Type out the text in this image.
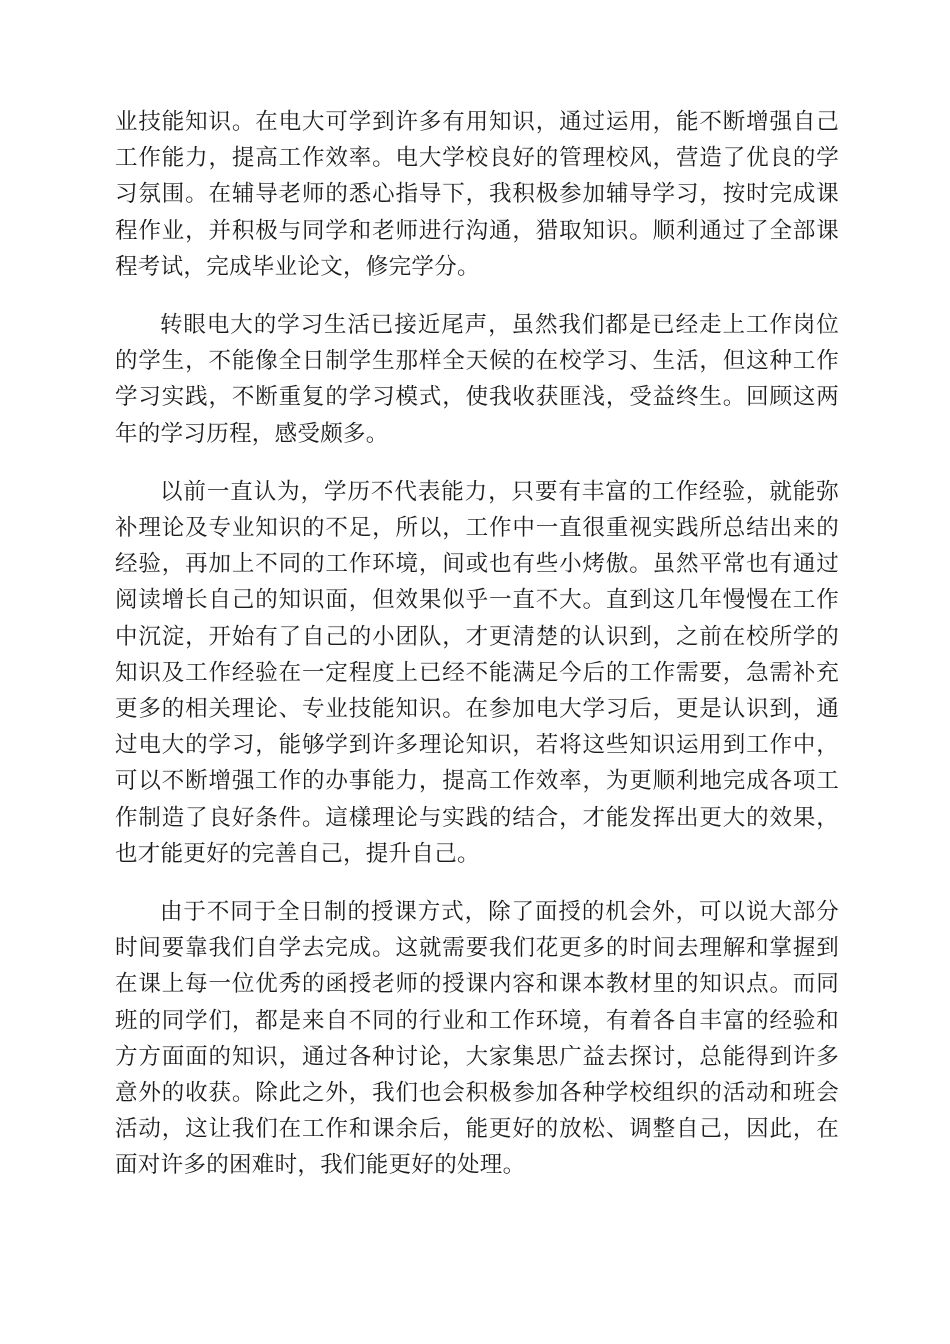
业技能知识。在电大可学到许多有用知识，通过运用，能不断增强自己工作能力，提高工作效率。电大学校良好的管理校风，营造了优良的学习氛围。在辅导老师的悉心指导下，我积极参加辅导学习，按时完成课程作业，并积极与同学和老师进行沟通，猎取知识。顺利通过了全部课程考试，完成毕业论文，修完学分。

转眼电大的学习生活已接近尾声，虽然我们都是已经走上工作岗位的学生，不能像全日制学生那样全天候的在校学习、生活，但这种工作学习实践，不断重复的学习模式，使我收获匪浅，受益终生。回顾这两年的学习历程，感受颇多。

以前一直认为，学历不代表能力，只要有丰富的工作经验，就能弥补理论及专业知识的不足，所以，工作中一直很重视实践所总结出来的经验，再加上不同的工作环境，间或也有些小烤傲。虽然平常也有通过阅读增长自己的知识面，但效果似乎一直不大。直到这几年慢慢在工作中沉淀，开始有了自己的小团队，才更清楚的认识到，之前在校所学的知识及工作经验在一定程度上已经不能满足今后的工作需要，急需补充更多的相关理论、专业技能知识。在参加电大学习后，更是认识到，通过电大的学习，能够学到许多理论知识，若将这些知识运用到工作中，可以不断增强工作的办事能力，提高工作效率，为更顺利地完成各项工作制造了良好条件。這樣理论与实践的结合，才能发挥出更大的效果，也才能更好的完善自己，提升自己。

由于不同于全日制的授课方式，除了面授的机会外，可以说大部分时间要靠我们自学去完成。这就需要我们花更多的时间去理解和掌握到在课上每一位优秀的函授老师的授课内容和课本教材里的知识点。而同班的同学们，都是来自不同的行业和工作环境，有着各自丰富的经验和方方面面的知识，通过各种讨论，大家集思广益去探讨，总能得到许多意外的收获。除此之外，我们也会积极参加各种学校组织的活动和班会活动，这让我们在工作和课余后，能更好的放松、调整自己，因此，在面对许多的困难时，我们能更好的处理。
